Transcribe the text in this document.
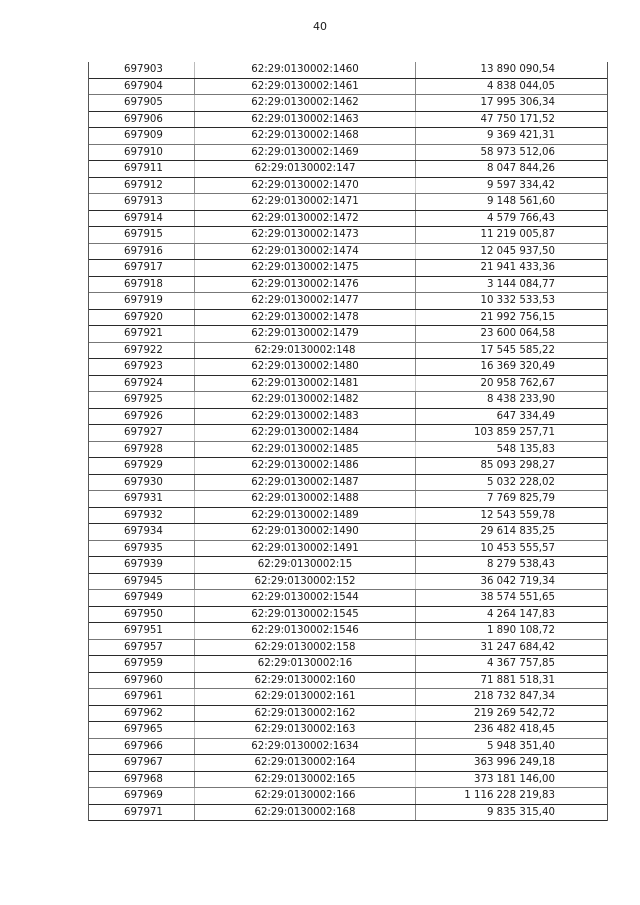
40
697903	62:29:0130002:1460	13 890 090,54
697904	62:29:0130002:1461	4 838 044,05
697905	62:29:0130002:1462	17 995 306,34
697906	62:29:0130002:1463	47 750 171,52
697909	62:29:0130002:1468	9 369 421,31
697910	62:29:0130002:1469	58 973 512,06
697911	62:29:0130002:147	8 047 844,26
697912	62:29:0130002:1470	9 597 334,42
697913	62:29:0130002:1471	9 148 561,60
697914	62:29:0130002:1472	4 579 766,43
697915	62:29:0130002:1473	11 219 005,87
697916	62:29:0130002:1474	12 045 937,50
697917	62:29:0130002:1475	21 941 433,36
697918	62:29:0130002:1476	3 144 084,77
697919	62:29:0130002:1477	10 332 533,53
697920	62:29:0130002:1478	21 992 756,15
697921	62:29:0130002:1479	23 600 064,58
697922	62:29:0130002:148	17 545 585,22
697923	62:29:0130002:1480	16 369 320,49
697924	62:29:0130002:1481	20 958 762,67
697925	62:29:0130002:1482	8 438 233,90
697926	62:29:0130002:1483	647 334,49
697927	62:29:0130002:1484	103 859 257,71
697928	62:29:0130002:1485	548 135,83
697929	62:29:0130002:1486	85 093 298,27
697930	62:29:0130002:1487	5 032 228,02
697931	62:29:0130002:1488	7 769 825,79
697932	62:29:0130002:1489	12 543 559,78
697934	62:29:0130002:1490	29 614 835,25
697935	62:29:0130002:1491	10 453 555,57
697939	62:29:0130002:15	8 279 538,43
697945	62:29:0130002:152	36 042 719,34
697949	62:29:0130002:1544	38 574 551,65
697950	62:29:0130002:1545	4 264 147,83
697951	62:29:0130002:1546	1 890 108,72
697957	62:29:0130002:158	31 247 684,42
697959	62:29:0130002:16	4 367 757,85
697960	62:29:0130002:160	71 881 518,31
697961	62:29:0130002:161	218 732 847,34
697962	62:29:0130002:162	219 269 542,72
697965	62:29:0130002:163	236 482 418,45
697966	62:29:0130002:1634	5 948 351,40
697967	62:29:0130002:164	363 996 249,18
697968	62:29:0130002:165	373 181 146,00
697969	62:29:0130002:166	1 116 228 219,83
697971	62:29:0130002:168	9 835 315,40
